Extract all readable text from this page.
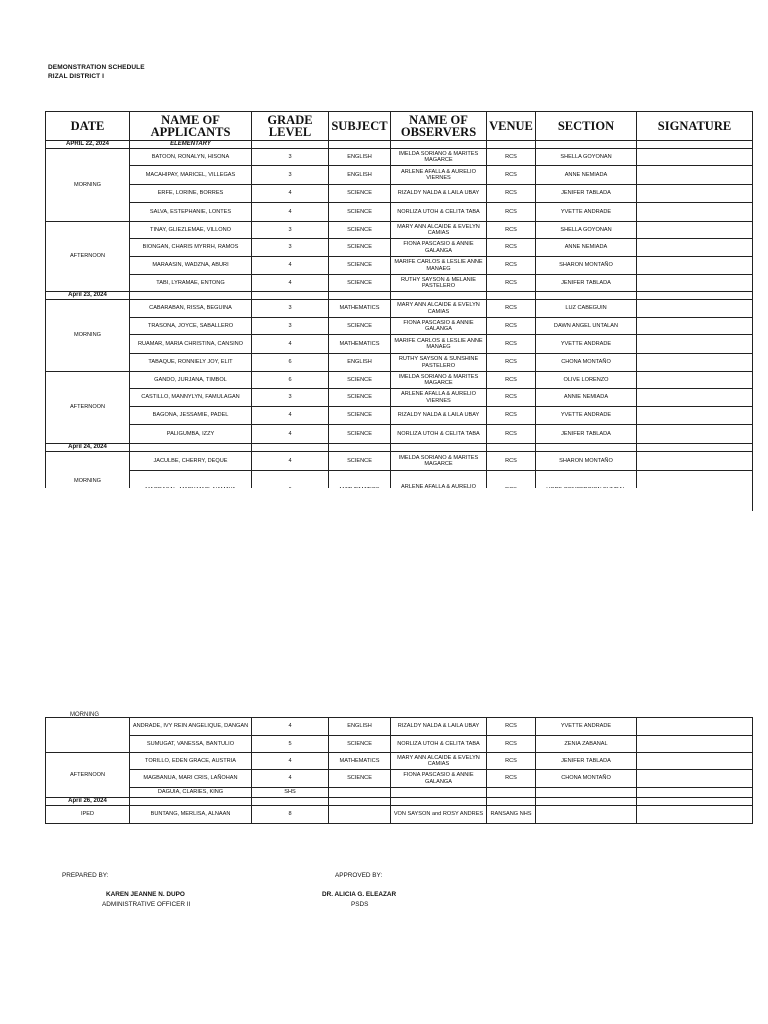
DEMONSTRATION SCHEDULE
RIZAL DISTRICT I
DATE	NAME OF APPLICANTS	GRADE LEVEL	SUBJECT	NAME OF OBSERVERS	VENUE	SECTION	SIGNATURE
APRIL 22, 2024	ELEMENTARY						
MORNING	BATOON, RONALYN, HISONA	3	ENGLISH	IMELDA SORIANO & MARITES MAGARCE	RCS	SHELLA GOYONAN	
	MACAHIPAY, MARICEL, VILLEGAS	3	ENGLISH	ARLENE AFALLA & AURELIO VIERNES	RCS	ANNE NEMIADA	
	ERFE, LORINE, BORRES	4	SCIENCE	RIZALDY NALDA & LAILA UBAY	RCS	JENIFER TABLADA	
	SALVA, ESTEPHANIE, LONTES	4	SCIENCE	NORLIZA UTOH & CELITA TABA	RCS	YVETTE ANDRADE	
AFTERNOON	TINAY, GLIEZLEMAE, VILLONO	3	SCIENCE	MARY ANN ALCAIDE & EVELYN CAMIAS	RCS	SHELLA GOYONAN	
	BIONGAN, CHARIS MYRRH, RAMOS	3	SCIENCE	FIONA PASCASIO & ANNIE GALANGA	RCS	ANNE NEMIADA	
	MARAASIN, WADZNA, ABURI	4	SCIENCE	MARIFE CARLOS & LESLIE ANNE MANAEG	RCS	SHARON MONTAÑO	
	TABI, LYRAMAE, ENTONG	4	SCIENCE	RUTHY SAYSON & MELANIE PASTELERO	RCS	JENIFER TABLADA	
April 23, 2024							
MORNING	CABARABAN, RISSA, BEGUINA	3	MATHEMATICS	MARY ANN ALCAIDE & EVELYN CAMIAS	RCS	LUZ CABEGUIN	
	TRASONA, JOYCE, SABALLERO	3	SCIENCE	FIONA PASCASIO & ANNIE GALANGA	RCS	DAWN ANGEL UNTALAN	
	RUAMAR, MARIA CHRISTINA, CANSINO	4	MATHEMATICS	MARIFE CARLOS & LESLIE ANNE MANAEG	RCS	YVETTE ANDRADE	
	TABAQUE, RONNIELY JOY, ELIT	6	ENGLISH	RUTHY SAYSON & SUNSHINE PASTELERO	RCS	CHONA MONTAÑO	
AFTERNOON	GANDO, JURJANA, TIMBOL	6	SCIENCE	IMELDA SORIANO & MARITES MAGARCE	RCS	OLIVE LORENZO	
	CASTILLO, MANNYLYN, FAMULAGAN	3	SCIENCE	ARLENE AFALLA & AURELIO VIERNES	RCS	ANNIE NEMIADA	
	BAGONA, JESSAMIE, PADEL	4	SCIENCE	RIZALDY NALDA & LAILA UBAY	RCS	YVETTE ANDRADE	
	PALIGUMBA, IZZY	4	SCIENCE	NORLIZA UTOH & CELITA TABA	RCS	JENIFER TABLADA	
April 24, 2024							
MORNING	JACULBE, CHERRY, DEQUE	4	SCIENCE	IMELDA SORIANO & MARITES MAGARCE	RCS	SHARON MONTAÑO	

MORNING
	ANDRADE, IVY REIN ANGELIQUE, DANGAN	4	ENGLISH	RIZALDY NALDA & LAILA UBAY	RCS	YVETTE ANDRADE	
	SUMUGAT, VANESSA, BANTULIO	5	SCIENCE	NORLIZA UTOH & CELITA TABA	RCS	ZENIA ZABANAL	
AFTERNOON	TORILLO, EDEN GRACE, AUSTRIA	4	MATHEMATICS	MARY ANN ALCAIDE & EVELYN CAMIAS	RCS	JENIFER TABLADA	
	MAGBANUA, MARI CRIS, LAÑOHAN	4	SCIENCE	FIONA PASCASIO & ANNIE GALANGA	RCS	CHONA MONTAÑO	
	DAGUIA, CLARIES, KING	SHS					
April 26, 2024							
IPED	BUNTANG, MERLISA, ALNAAN	8		VON SAYSON and ROSY ANDRES	RANSANG NHS		
PREPARED BY:
KAREN JEANNE N. DUPO
ADMINISTRATIVE OFFICER II
APPROVED BY:
DR. ALICIA G. ELEAZAR
PSDS
